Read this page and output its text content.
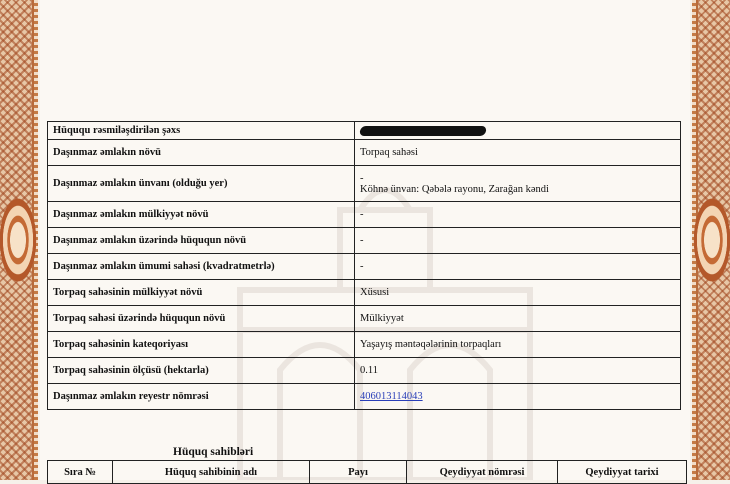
Hüququ rəsmiləşdirilən şəxs	
Daşınmaz əmlakın növü	Torpaq sahəsi
Daşınmaz əmlakın ünvanı (olduğu yer)	-
Köhnə ünvan: Qəbələ rayonu, Zarağan kəndi

Daşınmaz əmlakın mülkiyyət növü	-
Daşınmaz əmlakın üzərində hüququn növü	-
Daşınmaz əmlakın ümumi sahəsi (kvadratmetrlə)	-
Torpaq sahəsinin mülkiyyət növü	Xüsusi
Torpaq sahəsi üzərində hüququn növü	Mülkiyyət
Torpaq sahəsinin kateqoriyası	Yaşayış məntəqələrinin torpaqları
Torpaq sahəsinin ölçüsü (hektarla)	0.11
Daşınmaz əmlakın reyestr nömrəsi	406013114043
Hüquq sahibləri
Sıra №	Hüquq sahibinin adı	Payı	Qeydiyyat nömrəsi	Qeydiyyat tarixi
